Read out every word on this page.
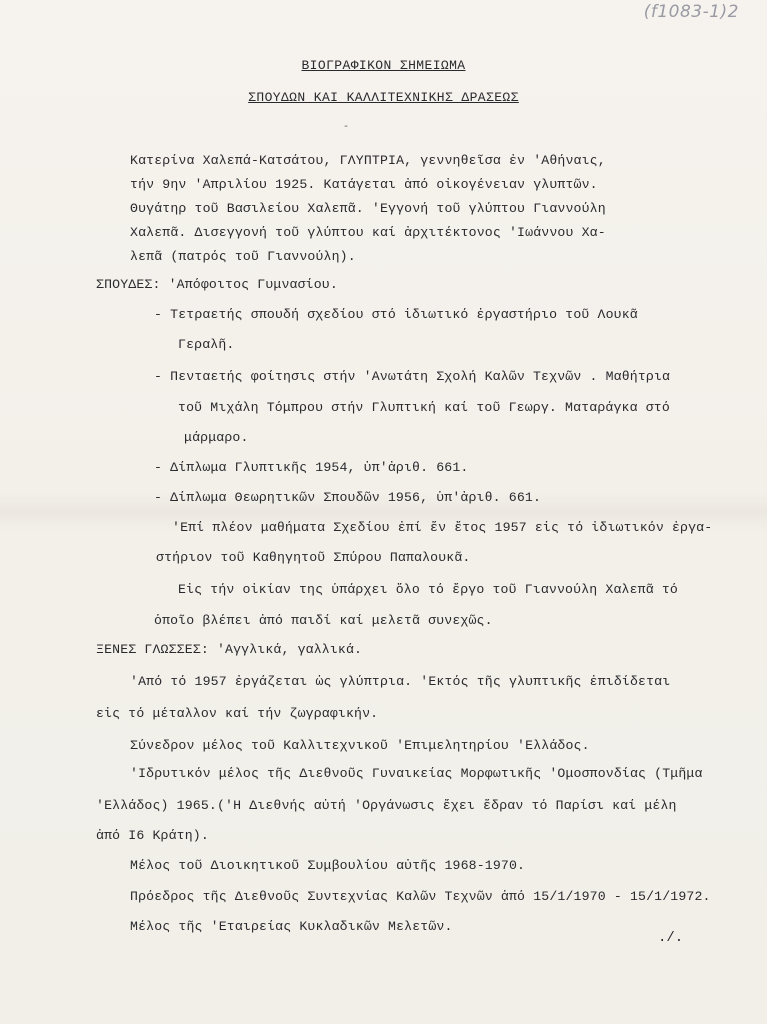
(f1083-1)2
ΒΙΟΓΡΑΦΙΚΟΝ ΣΗΜΕΙΩΜΑ
ΣΠΟΥΔΩΝ ΚΑΙ ΚΑΛΛΙΤΕΧΝΙΚΗΣ ΔΡΑΣΕΩΣ
-
Κατερίνα Χαλεπά-Κατσάτου, ΓΛΥΠΤΡΙΑ, γεννηθεῖσα ἐν 'Αθήναις,
τήν 9ην 'Απριλίου 1925. Κατάγεται ἀπό οἰκογένειαν γλυπτῶν.
Θυγάτηρ τοῦ Βασιλείου Χαλεπᾶ. 'Εγγονή τοῦ γλύπτου Γιαννούλη
Χαλεπᾶ. Δισεγγονή τοῦ γλύπτου καί ἀρχιτέκτονος 'Ιωάννου Χα-
λεπᾶ (πατρός τοῦ Γιαννούλη).
ΣΠΟΥΔΕΣ: 'Απόφοιτος Γυμνασίου.
- Τετραετής σπουδή σχεδίου στό ἰδιωτικό ἐργαστήριο τοῦ Λουκᾶ
Γεραλῆ.
- Πενταετής φοίτησις στήν 'Ανωτάτη Σχολή Καλῶν Τεχνῶν . Μαθήτρια
τοῦ Μιχάλη Τόμπρου στήν Γλυπτική καί τοῦ Γεωργ. Ματαράγκα στό
μάρμαρο.
- Δίπλωμα Γλυπτικῆς 1954, ὑπ'ἀριθ. 661.
- Δίπλωμα Θεωρητικῶν Σπουδῶν 1956, ὑπ'ἀριθ. 661.
'Επί πλέον μαθήματα Σχεδίου ἐπί ἕν ἔτος 1957 εἰς τό ἰδιωτικόν ἐργα-
στήριον τοῦ Καθηγητοῦ Σπύρου Παπαλουκᾶ.
Εἰς τήν οἰκίαν της ὑπάρχει ὅλο τό ἔργο τοῦ Γιαννούλη Χαλεπᾶ τό
ὁποῖο βλέπει ἀπό παιδί καί μελετᾶ συνεχῶς.
ΞΕΝΕΣ ΓΛΩΣΣΕΣ: 'Αγγλικά, γαλλικά.
'Από τό 1957 ἐργάζεται ὡς γλύπτρια. 'Εκτός τῆς γλυπτικῆς ἐπιδίδεται
εἰς τό μέταλλον καί τήν ζωγραφικήν.
Σύνεδρον μέλος τοῦ Καλλιτεχνικοῦ 'Επιμελητηρίου 'Ελλάδος.
'Ιδρυτικόν μέλος τῆς Διεθνοῦς Γυναικείας Μορφωτικῆς 'Ομοσπονδίας (Τμῆμα
'Ελλάδος) 1965.('Η Διεθνής αὐτή 'Οργάνωσις ἔχει ἕδραν τό Παρίσι καί μέλη
ἀπό Ι6 Κράτη).
Μέλος τοῦ Διοικητικοῦ Συμβουλίου αὐτῆς 1968-1970.
Πρόεδρος τῆς Διεθνοῦς Συντεχνίας Καλῶν Τεχνῶν ἀπό 15/1/1970 - 15/1/1972.
Μέλος τῆς 'Εταιρείας Κυκλαδικῶν Μελετῶν.
./.
